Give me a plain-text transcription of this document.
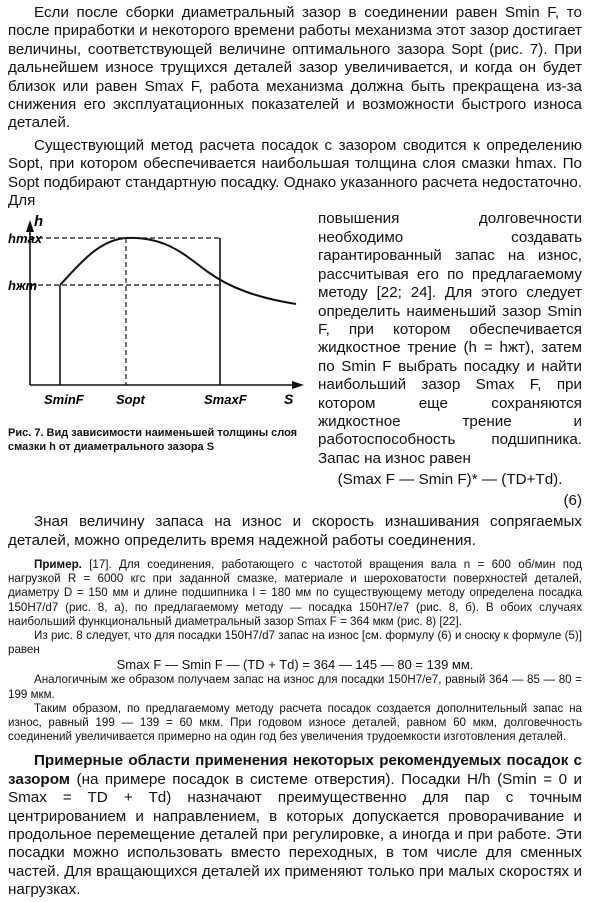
Если после сборки диаметральный зазор в соединении равен Smin F, то после приработки и некоторого времени работы механизма этот зазор достигает величины, соответствующей величине оптимального зазора Sopt (рис. 7). При дальнейшем износе трущихся деталей зазор увеличивается, и когда он будет близок или равен Smax F, работа механизма должна быть прекращена из-за снижения его эксплуатационных показателей и возможности быстрого износа деталей.

Существующий метод расчета посадок с зазором сводится к определению Sopt, при котором обеспечивается наибольшая толщина слоя смазки hmax. По Sopt подбирают стандартную посадку. Однако указанного расчета недостаточно. Для

h
hmax
hжт
SminF Sopt	SmaxF	S

Рис. 7. Вид зависимости наименьшей толщины слоя смазки h от диаметрального зазора S

повышения долговечности необходимо создавать гарантированный запас на износ, рассчитывая его по предлагаемому методу [22; 24]. Для этого следует определить наименьший зазор Smin F, при котором обеспечивается жидкостное трение (h = hжт), затем по Smin F выбрать посадку и найти наибольший зазор Smax F, при котором еще сохраняются жидкостное трение и работоспособность подшипника. Запас на износ равен

(Smax F — Smin F)* — (TD+Td).

(6)

Зная величину запаса на износ и скорость изнашивания сопрягаемых деталей, можно определить время надежной работы соединения.

Пример. [17]. Для соединения, работающего с частотой вращения вала n = 600 об/мин под нагрузкой R = 6000 кгс при заданной смазке, материале и шероховатости поверхностей деталей, диаметру D = 150 мм и длине подшипника l = 180 мм по существующему методу определена посадка 150H7/d7 (рис. 8, а), по предлагаемому методу — посадка 150H7/e7 (рис. 8, б). В обоих случаях наибольший функциональный диаметральный зазор Smax F = 364 мкм (рис. 8) [22].

Из рис. 8 следует, что для посадки 150H7/d7 запас на износ [см. формулу (6) и сноску к формуле (5)] равен

Smax F — Smin F — (TD + Td) = 364 — 145 — 80 = 139 мм.

Аналогичным же образом получаем запас на износ для посадки 150H7/e7, равный 364 — 85 — 80 = 199 мкм.

Таким образом, по предлагаемому методу расчета посадок создается дополнительный запас на износ, равный 199 — 139 = 60 мкм. При годовом износе деталей, равном 60 мкм, долговечность соединений увеличивается примерно на один год без увеличения трудоемкости изготовления деталей.

Примерные области применения некоторых рекомендуемых посадок с зазором (на примере посадок в системе отверстия). Посадки H/h (Smin = 0 и Smax = TD + Td) назначают преимущественно для пар с точным центрированием и направлением, в которых допускается проворачивание и продольное перемещение деталей при регулировке, а иногда и при работе. Эти посадки можно использовать вместо переходных, в том числе для сменных частей. Для вращающихся деталей их применяют только при малых скоростях и нагрузках.
